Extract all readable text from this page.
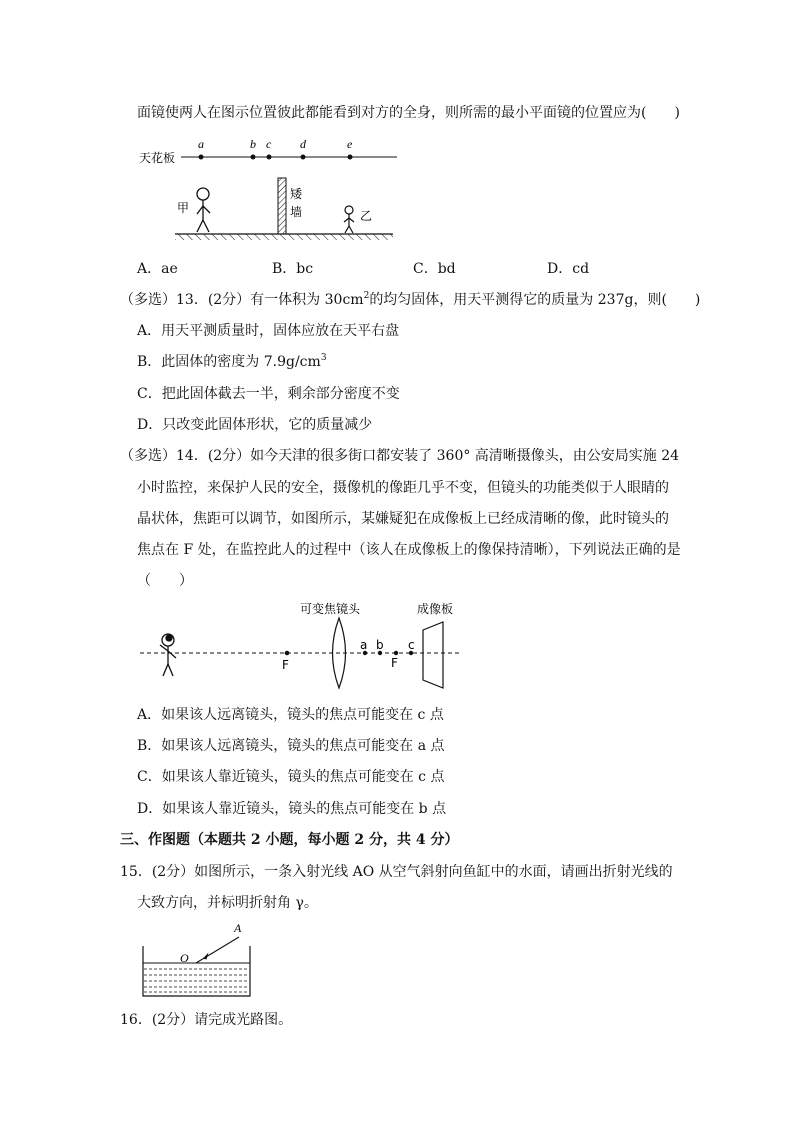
面镜使两人在图示位置彼此都能看到对方的全身，则所需的最小平面镜的位置应为(　　)
天花板
a	b c d	e
甲
矮
墙	乙
A．ae	B．bc	C．bd	D．cd
（多选）13．(2分）有一体积为 $30cm^2$的均匀固体，用天平测得它的质量为 237g，则(　　)
A．用天平测质量时，固体应放在天平右盘
B．此固体的密度为 $7.9g/cm^3$
C．把此固体截去一半，剩余部分密度不变
D．只改变此固体形状，它的质量减少
（多选）14．(2分）如今天津的很多街口都安装了 360° 高清晰摄像头，由公安局实施 24
小时监控，来保护人民的安全，摄像机的像距几乎不变，但镜头的功能类似于人眼睛的
晶状体，焦距可以调节，如图所示，某嫌疑犯在成像板上已经成清晰的像，此时镜头的
焦点在 F 处，在监控此人的过程中（该人在成像板上的像保持清晰），下列说法正确的是
（　　）
可变焦镜头	成像板
F
a b c
F
A．如果该人远离镜头，镜头的焦点可能变在 c 点
B．如果该人远离镜头，镜头的焦点可能变在 a 点
C．如果该人靠近镜头，镜头的焦点可能变在 c 点
D．如果该人靠近镜头，镜头的焦点可能变在 b 点
三、作图题（本题共 2 小题，每小题 2 分，共 4 分）
15．(2分）如图所示，一条入射光线 AO 从空气斜射向鱼缸中的水面，请画出折射光线的
大致方向，并标明折射角 γ。
A
O
16．(2分）请完成光路图。
